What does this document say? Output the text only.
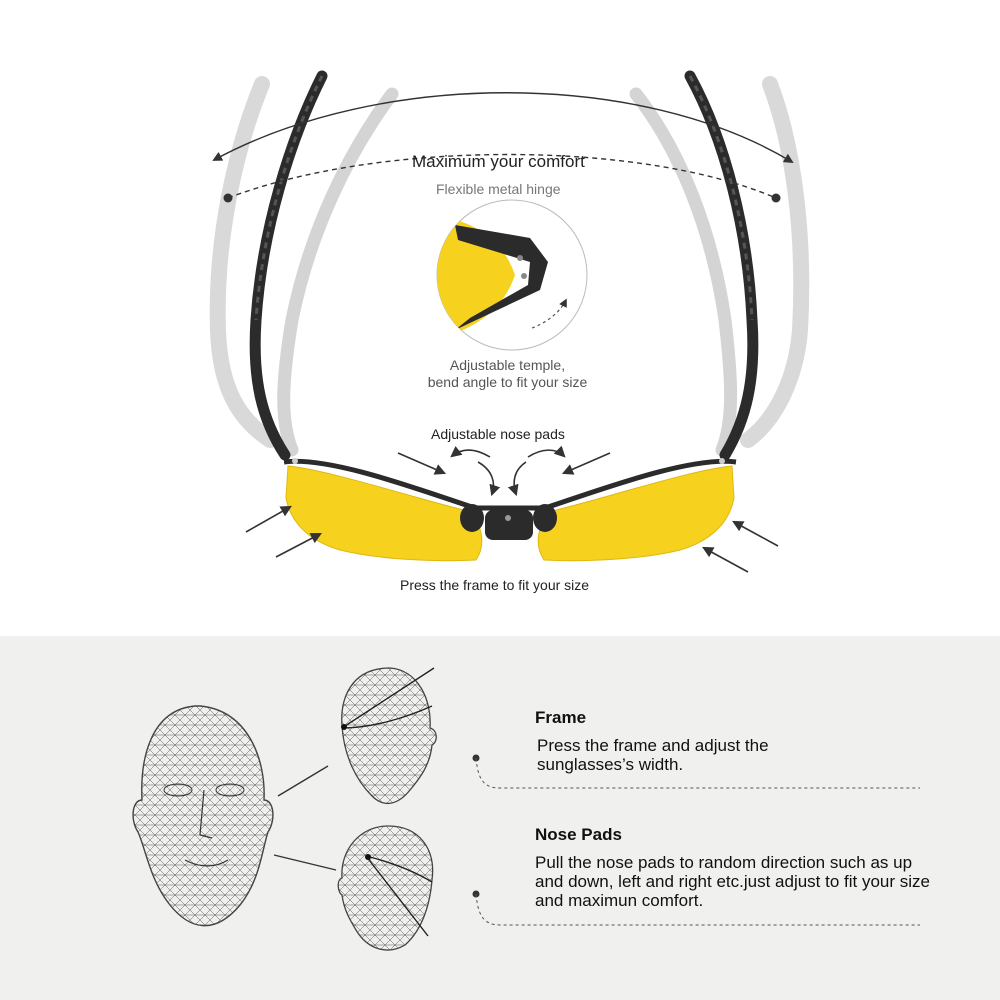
Maximum your comfort
Flexible metal hinge
Adjustable temple,
bend angle to fit your size
Adjustable nose pads
Press the frame to fit your size
Frame
Press the frame and adjust the sunglasses’s width.
Nose Pads
Pull the nose pads to random direction such as up and down, left and right etc.just adjust to fit your size and maximun comfort.
